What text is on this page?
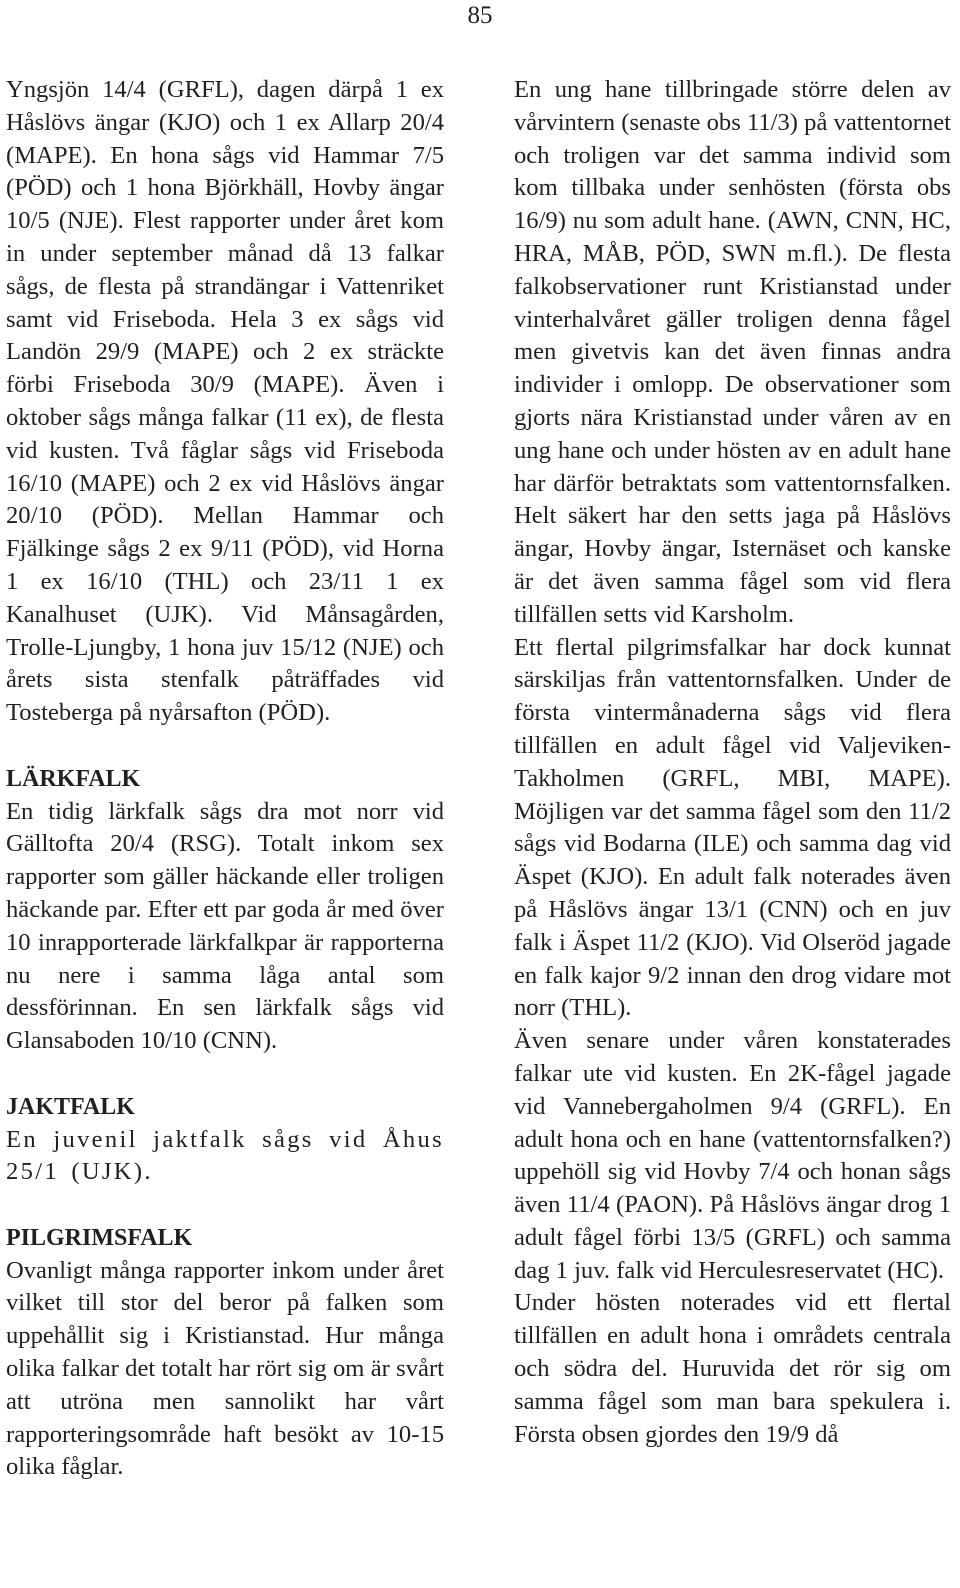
85

Yngsjön 14/4 (GRFL), dagen därpå 1 ex Håslövs ängar (KJO) och 1 ex Allarp 20/4 (MAPE). En hona sågs vid Hammar 7/5 (PÖD) och 1 hona Björkhäll, Hovby ängar 10/5 (NJE). Flest rapporter under året kom in under september månad då 13 falkar sågs, de flesta på strandängar i Vattenriket samt vid Friseboda. Hela 3 ex sågs vid Landön 29/9 (MAPE) och 2 ex sträckte förbi Friseboda 30/9 (MAPE). Även i oktober sågs många falkar (11 ex), de flesta vid kusten. Två fåglar sågs vid Friseboda 16/10 (MAPE) och 2 ex vid Håslövs ängar 20/10 (PÖD). Mellan Hammar och Fjälkinge sågs 2 ex 9/11 (PÖD), vid Horna 1 ex 16/10 (THL) och 23/11 1 ex Kanalhuset (UJK). Vid Månsagården, Trolle-Ljungby, 1 hona juv 15/12 (NJE) och årets sista stenfalk påträffades vid Tosteberga på nyårsafton (PÖD).

LÄRKFALK

En tidig lärkfalk sågs dra mot norr vid Gälltofta 20/4 (RSG). Totalt inkom sex rapporter som gäller häckande eller troligen häckande par. Efter ett par goda år med över 10 inrapporterade lärkfalkpar är rapporterna nu nere i samma låga antal som dessförinnan. En sen lärkfalk sågs vid Glansaboden 10/10 (CNN).

JAKTFALK

En juvenil jaktfalk sågs vid Åhus 25/1 (UJK).

PILGRIMSFALK

Ovanligt många rapporter inkom under året vilket till stor del beror på falken som uppehållit sig i Kristianstad. Hur många olika falkar det totalt har rört sig om är svårt att utröna men sannolikt har vårt rapporteringsområde haft besökt av 10-15 olika fåglar.

En ung hane tillbringade större delen av vårvintern (senaste obs 11/3) på vattentornet och troligen var det samma individ som kom tillbaka under senhösten (första obs 16/9) nu som adult hane. (AWN, CNN, HC, HRA, MÅB, PÖD, SWN m.fl.). De flesta falkobservationer runt Kristianstad under vinterhalvåret gäller troligen denna fågel men givetvis kan det även finnas andra individer i omlopp. De observationer som gjorts nära Kristianstad under våren av en ung hane och under hösten av en adult hane har därför betraktats som vattentornsfalken. Helt säkert har den setts jaga på Håslövs ängar, Hovby ängar, Isternäset och kanske är det även samma fågel som vid flera tillfällen setts vid Karsholm.

Ett flertal pilgrimsfalkar har dock kunnat särskiljas från vattentornsfalken. Under de första vintermånaderna sågs vid flera tillfällen en adult fågel vid Valjeviken-Takholmen (GRFL, MBI, MAPE). Möjligen var det samma fågel som den 11/2 sågs vid Bodarna (ILE) och samma dag vid Äspet (KJO). En adult falk noterades även på Håslövs ängar 13/1 (CNN) och en juv falk i Äspet 11/2 (KJO). Vid Olseröd jagade en falk kajor 9/2 innan den drog vidare mot norr (THL).

Även senare under våren konstaterades falkar ute vid kusten. En 2K-fågel jagade vid Vannebergaholmen 9/4 (GRFL). En adult hona och en hane (vattentornsfalken?) uppehöll sig vid Hovby 7/4 och honan sågs även 11/4 (PAON). På Håslövs ängar drog 1 adult fågel förbi 13/5 (GRFL) och samma dag 1 juv. falk vid Herculesreservatet (HC).

Under hösten noterades vid ett flertal tillfällen en adult hona i områdets centrala och södra del. Huruvida det rör sig om samma fågel som man bara spekulera i. Första obsen gjordes den 19/9 då
